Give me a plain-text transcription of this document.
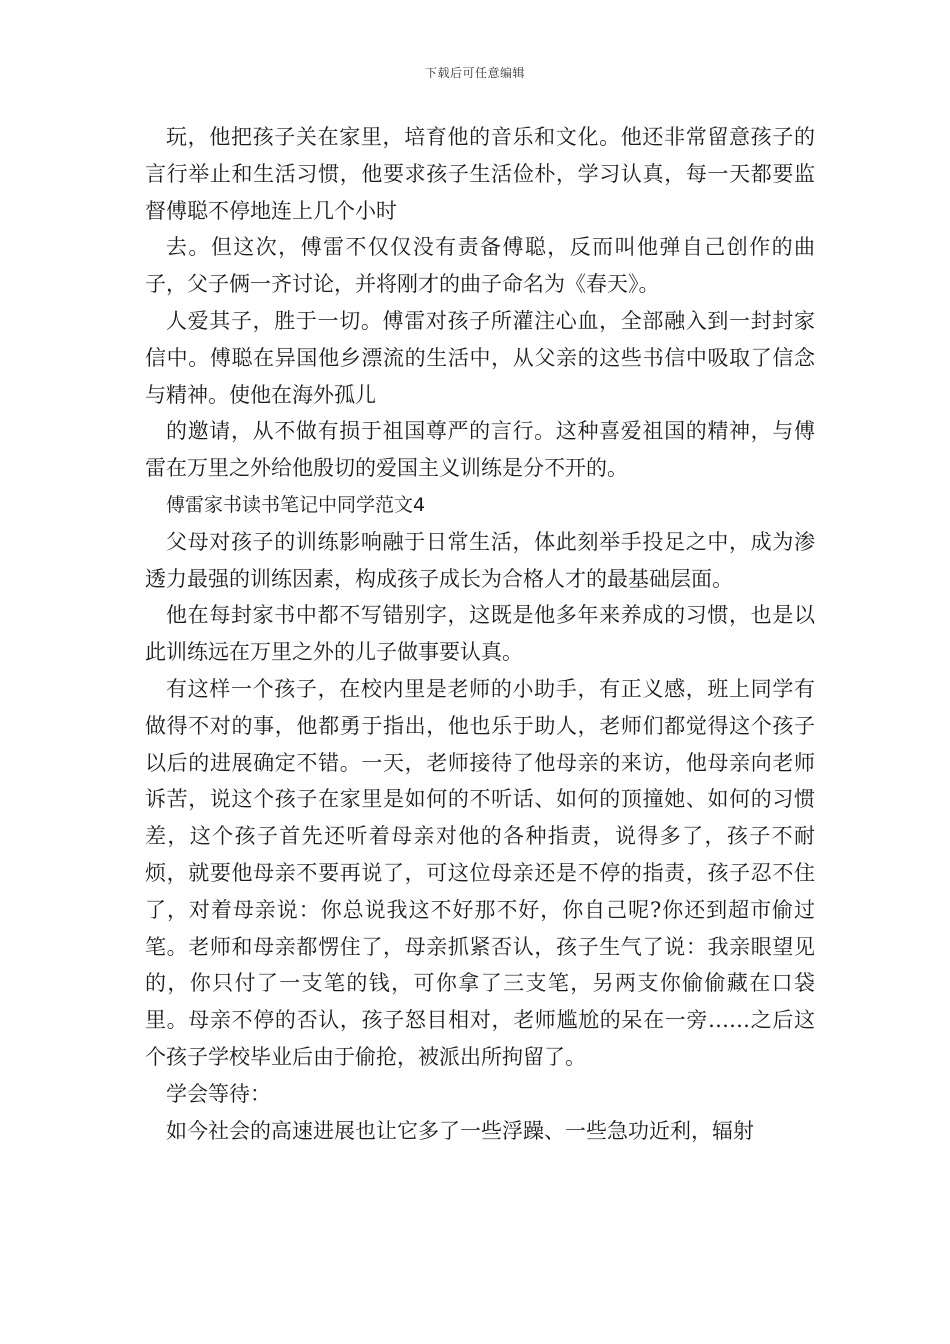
下载后可任意编辑

玩，他把孩子关在家里，培育他的音乐和文化。他还非常留意孩子的言行举止和生活习惯，他要求孩子生活俭朴，学习认真，每一天都要监督傅聪不停地连上几个小时

去。但这次，傅雷不仅仅没有责备傅聪，反而叫他弹自己创作的曲子，父子俩一齐讨论，并将刚才的曲子命名为《春天》。

人爱其子，胜于一切。傅雷对孩子所灌注心血，全部融入到一封封家信中。傅聪在异国他乡漂流的生活中，从父亲的这些书信中吸取了信念与精神。使他在海外孤儿

的邀请，从不做有损于祖国尊严的言行。这种喜爱祖国的精神，与傅雷在万里之外给他殷切的爱国主义训练是分不开的。

傅雷家书读书笔记中同学范文4

父母对孩子的训练影响融于日常生活，体此刻举手投足之中，成为渗透力最强的训练因素，构成孩子成长为合格人才的最基础层面。

他在每封家书中都不写错别字，这既是他多年来养成的习惯，也是以此训练远在万里之外的儿子做事要认真。

有这样一个孩子，在校内里是老师的小助手，有正义感，班上同学有做得不对的事，他都勇于指出，他也乐于助人，老师们都觉得这个孩子以后的进展确定不错。一天，老师接待了他母亲的来访，他母亲向老师诉苦，说这个孩子在家里是如何的不听话、如何的顶撞她、如何的习惯差，这个孩子首先还听着母亲对他的各种指责，说得多了，孩子不耐烦，就要他母亲不要再说了，可这位母亲还是不停的指责，孩子忍不住了，对着母亲说：你总说我这不好那不好，你自己呢?你还到超市偷过笔。老师和母亲都愣住了，母亲抓紧否认，孩子生气了说：我亲眼望见的，你只付了一支笔的钱，可你拿了三支笔，另两支你偷偷藏在口袋里。母亲不停的否认，孩子怒目相对，老师尴尬的呆在一旁……之后这个孩子学校毕业后由于偷抢，被派出所拘留了。

学会等待：

如今社会的高速进展也让它多了一些浮躁、一些急功近利，辐射
